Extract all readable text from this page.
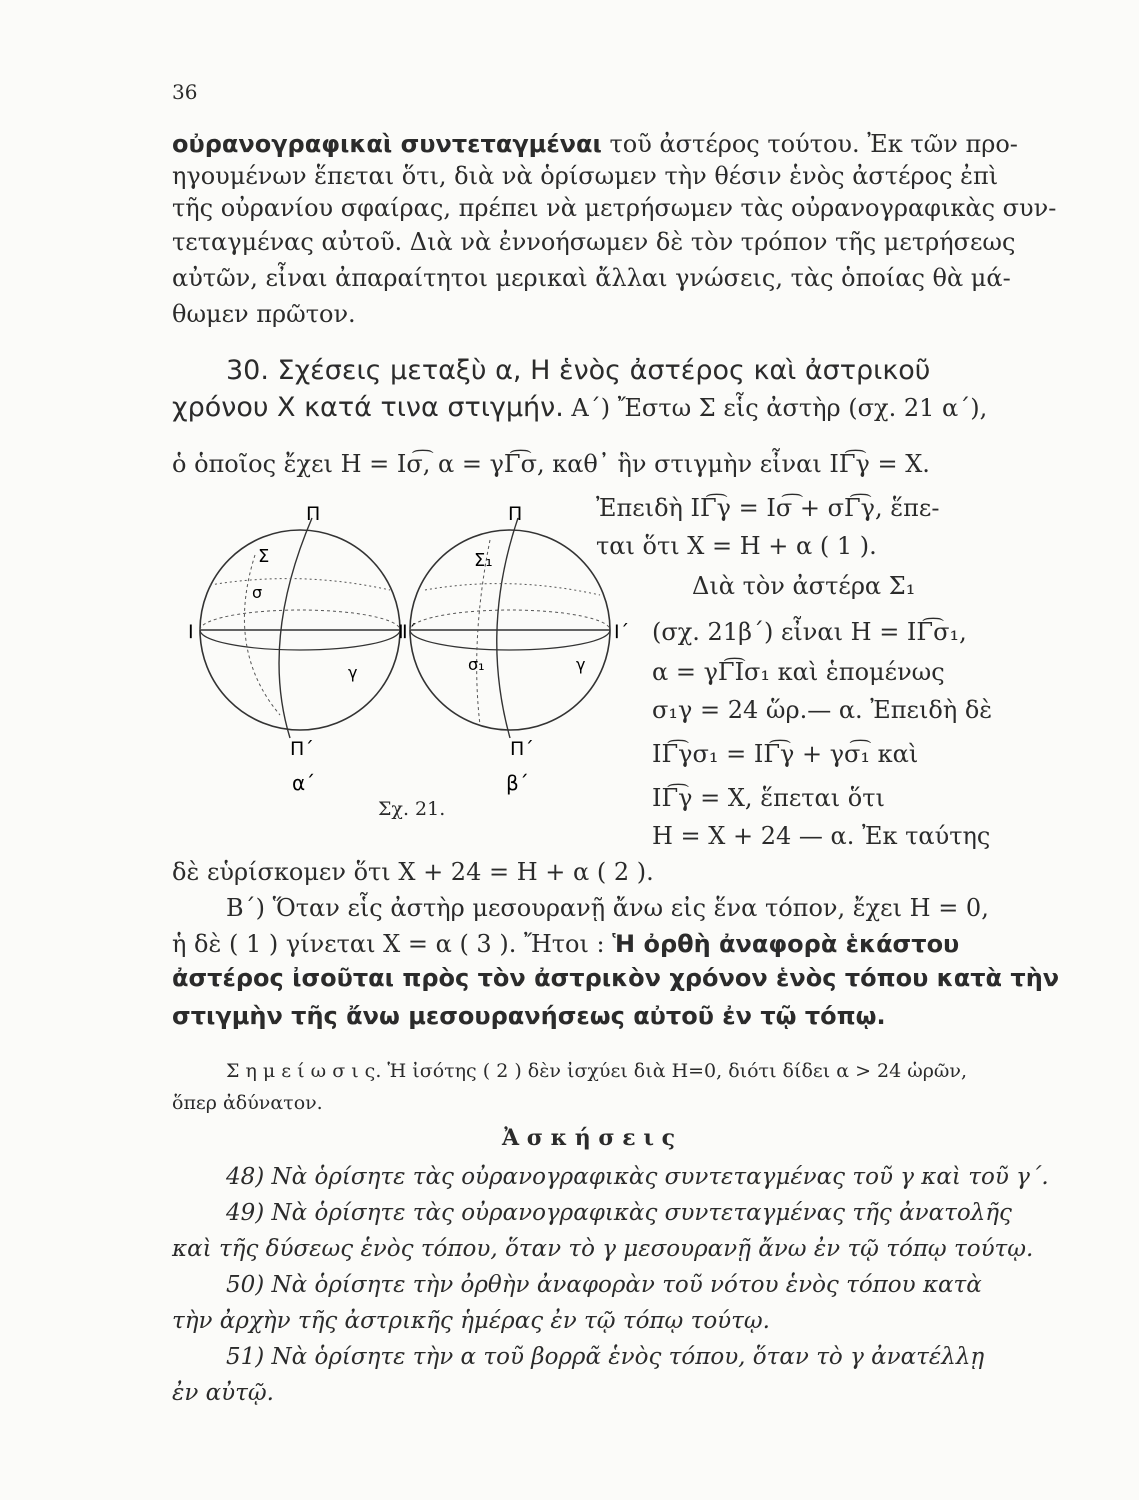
36
οὐρανογραφικαὶ συντεταγμέναι τοῦ ἀστέρος τούτου. Ἐκ τῶν προ-
ηγουμένων ἕπεται ὅτι, διὰ νὰ ὁρίσωμεν τὴν θέσιν ἑνὸς ἀστέρος ἐπὶ
τῆς οὐρανίου σφαίρας, πρέπει νὰ μετρήσωμεν τὰς οὐρανογραφικὰς συν-
τεταγμένας αὐτοῦ. Διὰ νὰ ἐννοήσωμεν δὲ τὸν τρόπον τῆς μετρήσεως
αὐτῶν, εἶναι ἀπαραίτητοι μερικαὶ ἄλλαι γνώσεις, τὰς ὁποίας θὰ μά-
θωμεν πρῶτον.
30. Σχέσεις μεταξὺ α, Η ἑνὸς ἀστέρος καὶ ἀστρικοῦ
χρόνου Χ κατά τινα στιγμήν. Α΄) Ἔστω Σ εἷς ἀστὴρ (σχ. 21 α΄),
ὁ ὁποῖος ἔχει Η = Ισ͡, α = γΓ͡σ, καθ᾽ ἣν στιγμὴν εἶναι ΙΓ͡γ = Χ.
Ἐπειδὴ ΙΓ͡γ = Ισ͡ + σΓ͡γ, ἕπε-
ται ὅτι Χ = Η + α ( 1 ).
Διὰ τὸν ἀστέρα Σ₁
(σχ. 21β΄) εἶναι Η = ΙΓ͡σ₁,
α = γΓ͡Ισ₁ καὶ ἑπομένως
σ₁γ = 24 ὥρ.— α. Ἐπειδὴ δὲ
ΙΓ͡γσ₁ = ΙΓ͡γ + γσ͡₁ καὶ
ΙΓ͡γ = Χ, ἕπεται ὅτι
Η = Χ + 24 — α. Ἐκ ταύτης
Π
Π΄
Ι	Ι΄
Σ
σ
γ
α΄
Π
Π΄
Ι	Ι΄
Σ₁
σ₁	γ
β΄
Σχ. 21.
δὲ εὑρίσκομεν ὅτι Χ + 24 = Η + α ( 2 ).
Β΄) Ὅταν εἷς ἀστὴρ μεσουρανῇ ἄνω εἰς ἕνα τόπον, ἔχει Η = 0,
ἡ δὲ ( 1 ) γίνεται Χ = α ( 3 ). Ἤτοι : Ἡ ὀρθὴ ἀναφορὰ ἑκάστου
ἀστέρος ἰσοῦται πρὸς τὸν ἀστρικὸν χρόνον ἑνὸς τόπου κατὰ τὴν
στιγμὴν τῆς ἄνω μεσουρανήσεως αὐτοῦ ἐν τῷ τόπῳ.
Σ η μ ε ί ω σ ι ς. Ἡ ἰσότης ( 2 ) δὲν ἰσχύει διὰ Η=0, διότι δίδει α > 24 ὡρῶν,
ὅπερ ἀδύνατον.
Ἀ σ κ ή σ ε ι ς
48) Νὰ ὁρίσητε τὰς οὐρανογραφικὰς συντεταγμένας τοῦ γ καὶ τοῦ γ΄.
49) Νὰ ὁρίσητε τὰς οὐρανογραφικὰς συντεταγμένας τῆς ἀνατολῆς
καὶ τῆς δύσεως ἑνὸς τόπου, ὅταν τὸ γ μεσουρανῇ ἄνω ἐν τῷ τόπῳ τούτῳ.
50) Νὰ ὁρίσητε τὴν ὀρθὴν ἀναφορὰν τοῦ νότου ἑνὸς τόπου κατὰ
τὴν ἀρχὴν τῆς ἀστρικῆς ἡμέρας ἐν τῷ τόπῳ τούτῳ.
51) Νὰ ὁρίσητε τὴν α τοῦ βορρᾶ ἑνὸς τόπου, ὅταν τὸ γ ἀνατέλλῃ
ἐν αὐτῷ.
